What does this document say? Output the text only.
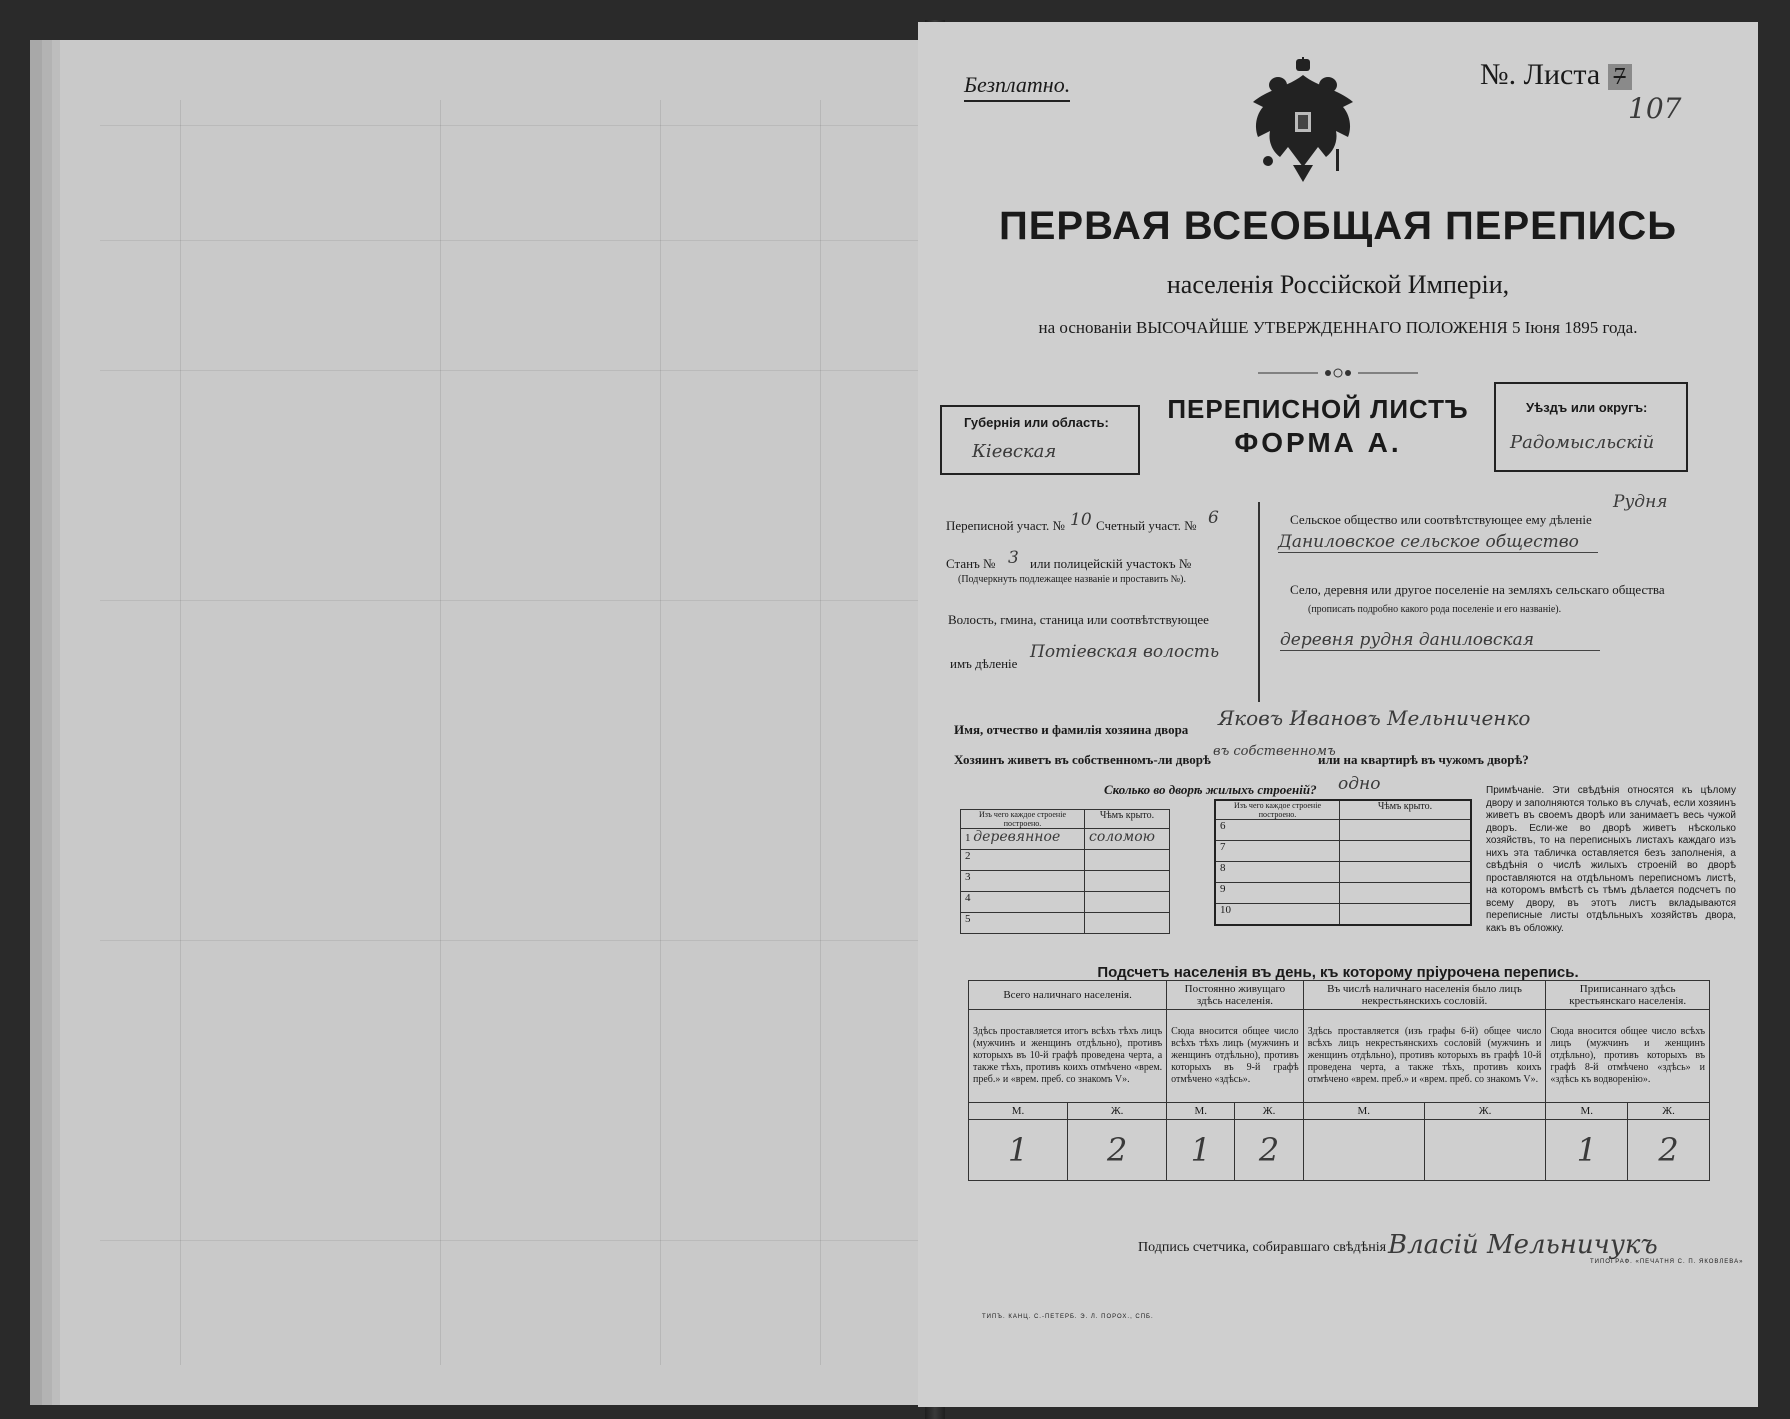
Безплатно.	№. Листа 7
107
ПЕРВАЯ ВСЕОБЩАЯ ПЕРЕПИСЬ
населенія Россійской Имперіи,
на основаніи ВЫСОЧАЙШЕ УТВЕРЖДЕННАГО ПОЛОЖЕНІЯ 5 Іюня 1895 года.
Губернія или область:
Кіевская
ПЕРЕПИСНОЙ ЛИСТЪ
ФОРМА А.
Уѣздъ или округъ:
Радомысльскій
Переписной участ. № 10 Счетный участ. № 6
Станъ № 3 или полицейскій участокъ №
(Подчеркнуть подлежащее названіе и проставить №).
Волость, гмина, станица или соотвѣтствующее
имъ дѣленіе
Потіевская волость
Сельское общество или соотвѣтствующее ему дѣленіе
Рудня
Даниловское сельское общество
Село, деревня или другое поселеніе на земляхъ сельскаго общества
(прописать подробно какого рода поселеніе и его названіе).
деревня рудня даниловская
Имя, отчество и фамилія хозяина двора Яковъ Ивановъ Мельниченко
Хозяинъ живетъ въ собственномъ-ли дворѣ
въ собственномъ
или на квартирѣ въ чужомъ дворѣ?
Сколько во дворѣ жилыхъ строеній? одно
Изъ чего каждое строеніе построено.	Чѣмъ крыто.
1 деревянное	соломою
2	
3	
4	
5	
Изъ чего каждое строеніе построено.	Чѣмъ крыто.
6	
7	
8	
9	
10	
Примѣчаніе. Эти свѣдѣнія относятся къ цѣлому двору и заполняются только въ случаѣ, если хозяинъ живетъ въ своемъ дворѣ или занимаетъ весь чужой дворъ. Если-же во дворѣ живетъ нѣсколько хозяйствъ, то на переписныхъ листахъ каждаго изъ нихъ эта табличка оставляется безъ заполненія, а свѣдѣнія о числѣ жилыхъ строеній во дворѣ проставляются на отдѣльномъ переписномъ листѣ, на которомъ вмѣстѣ съ тѣмъ дѣлается подсчетъ по всему двору, въ этотъ листъ вкладываются переписные листы отдѣльныхъ хозяйствъ двора, какъ въ обложку.
Подсчетъ населенія въ день, къ которому пріурочена перепись.
Всего наличнаго населенія.		Постоянно живущаго здѣсь населенія.		Въ числѣ наличнаго населенія было лицъ некрестьянскихъ сословій.		Приписаннаго здѣсь крестьянскаго населенія.	
Здѣсь проставляется итогъ всѣхъ тѣхъ лицъ (мужчинъ и женщинъ отдѣльно), противъ которыхъ въ 10-й графѣ проведена черта, а также тѣхъ, противъ коихъ отмѣчено «врем. преб.» и «врем. преб. со знакомъ V».		Сюда вносится общее число всѣхъ тѣхъ лицъ (мужчинъ и женщинъ отдѣльно), противъ которыхъ въ 9-й графѣ отмѣчено «здѣсь».		Здѣсь проставляется (изъ графы 6-й) общее число всѣхъ лицъ некрестьянскихъ сословій (мужчинъ и женщинъ отдѣльно), противъ которыхъ въ графѣ 10-й проведена черта, а также тѣхъ, противъ коихъ отмѣчено «врем. преб.» и «врем. преб. со знакомъ V».		Сюда вносится общее число всѣхъ лицъ (мужчинъ и женщинъ отдѣльно), противъ которыхъ въ графѣ 8-й отмѣчено «здѣсь» и «здѣсь къ водворенію».	
М.	Ж.	М.	Ж.	М.	Ж.	М.	Ж.
1	2	1	2			1	2
Подпись счетчика, собиравшаго свѣдѣнія Власій Мельничукъ
ТИПЪ. КАНЦ. С.-ПЕТЕРБ. Э. Л. ПОРОХ., СПБ.
ТИПОГРАФ. «ПЕЧАТНЯ С. П. ЯКОВЛЕВА»
